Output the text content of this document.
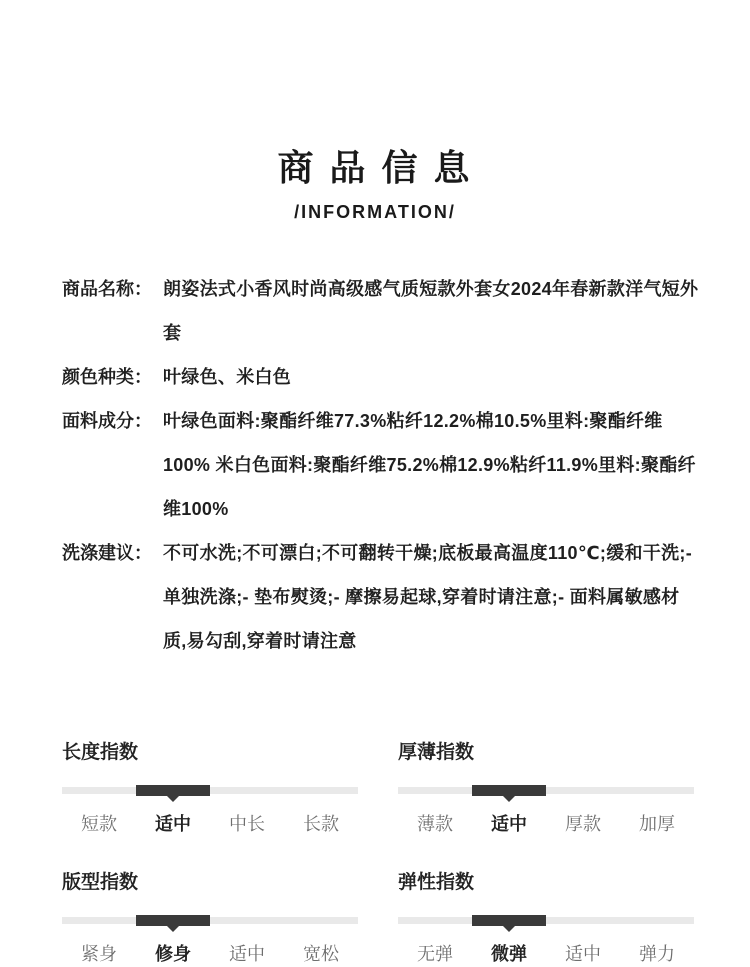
商 品 信 息
/INFORMATION/
商品名称： 朗姿法式小香风时尚高级感气质短款外套女2024年春新款洋气短外套
颜色种类： 叶绿色、米白色
面料成分： 叶绿色面料:聚酯纤维77.3%粘纤12.2%棉10.5%里料:聚酯纤维100% 米白色面料:聚酯纤维75.2%棉12.9%粘纤11.9%里料:聚酯纤维100%
洗涤建议： 不可水洗;不可漂白;不可翻转干燥;底板最高温度110℃;缓和干洗;- 单独洗涤;- 垫布熨烫;- 摩擦易起球,穿着时请注意;- 面料属敏感材质,易勾刮,穿着时请注意
长度指数
短款	适中	中长	长款
厚薄指数
薄款	适中	厚款	加厚
版型指数
紧身	修身	适中	宽松
弹性指数
无弹	微弹	适中	弹力
